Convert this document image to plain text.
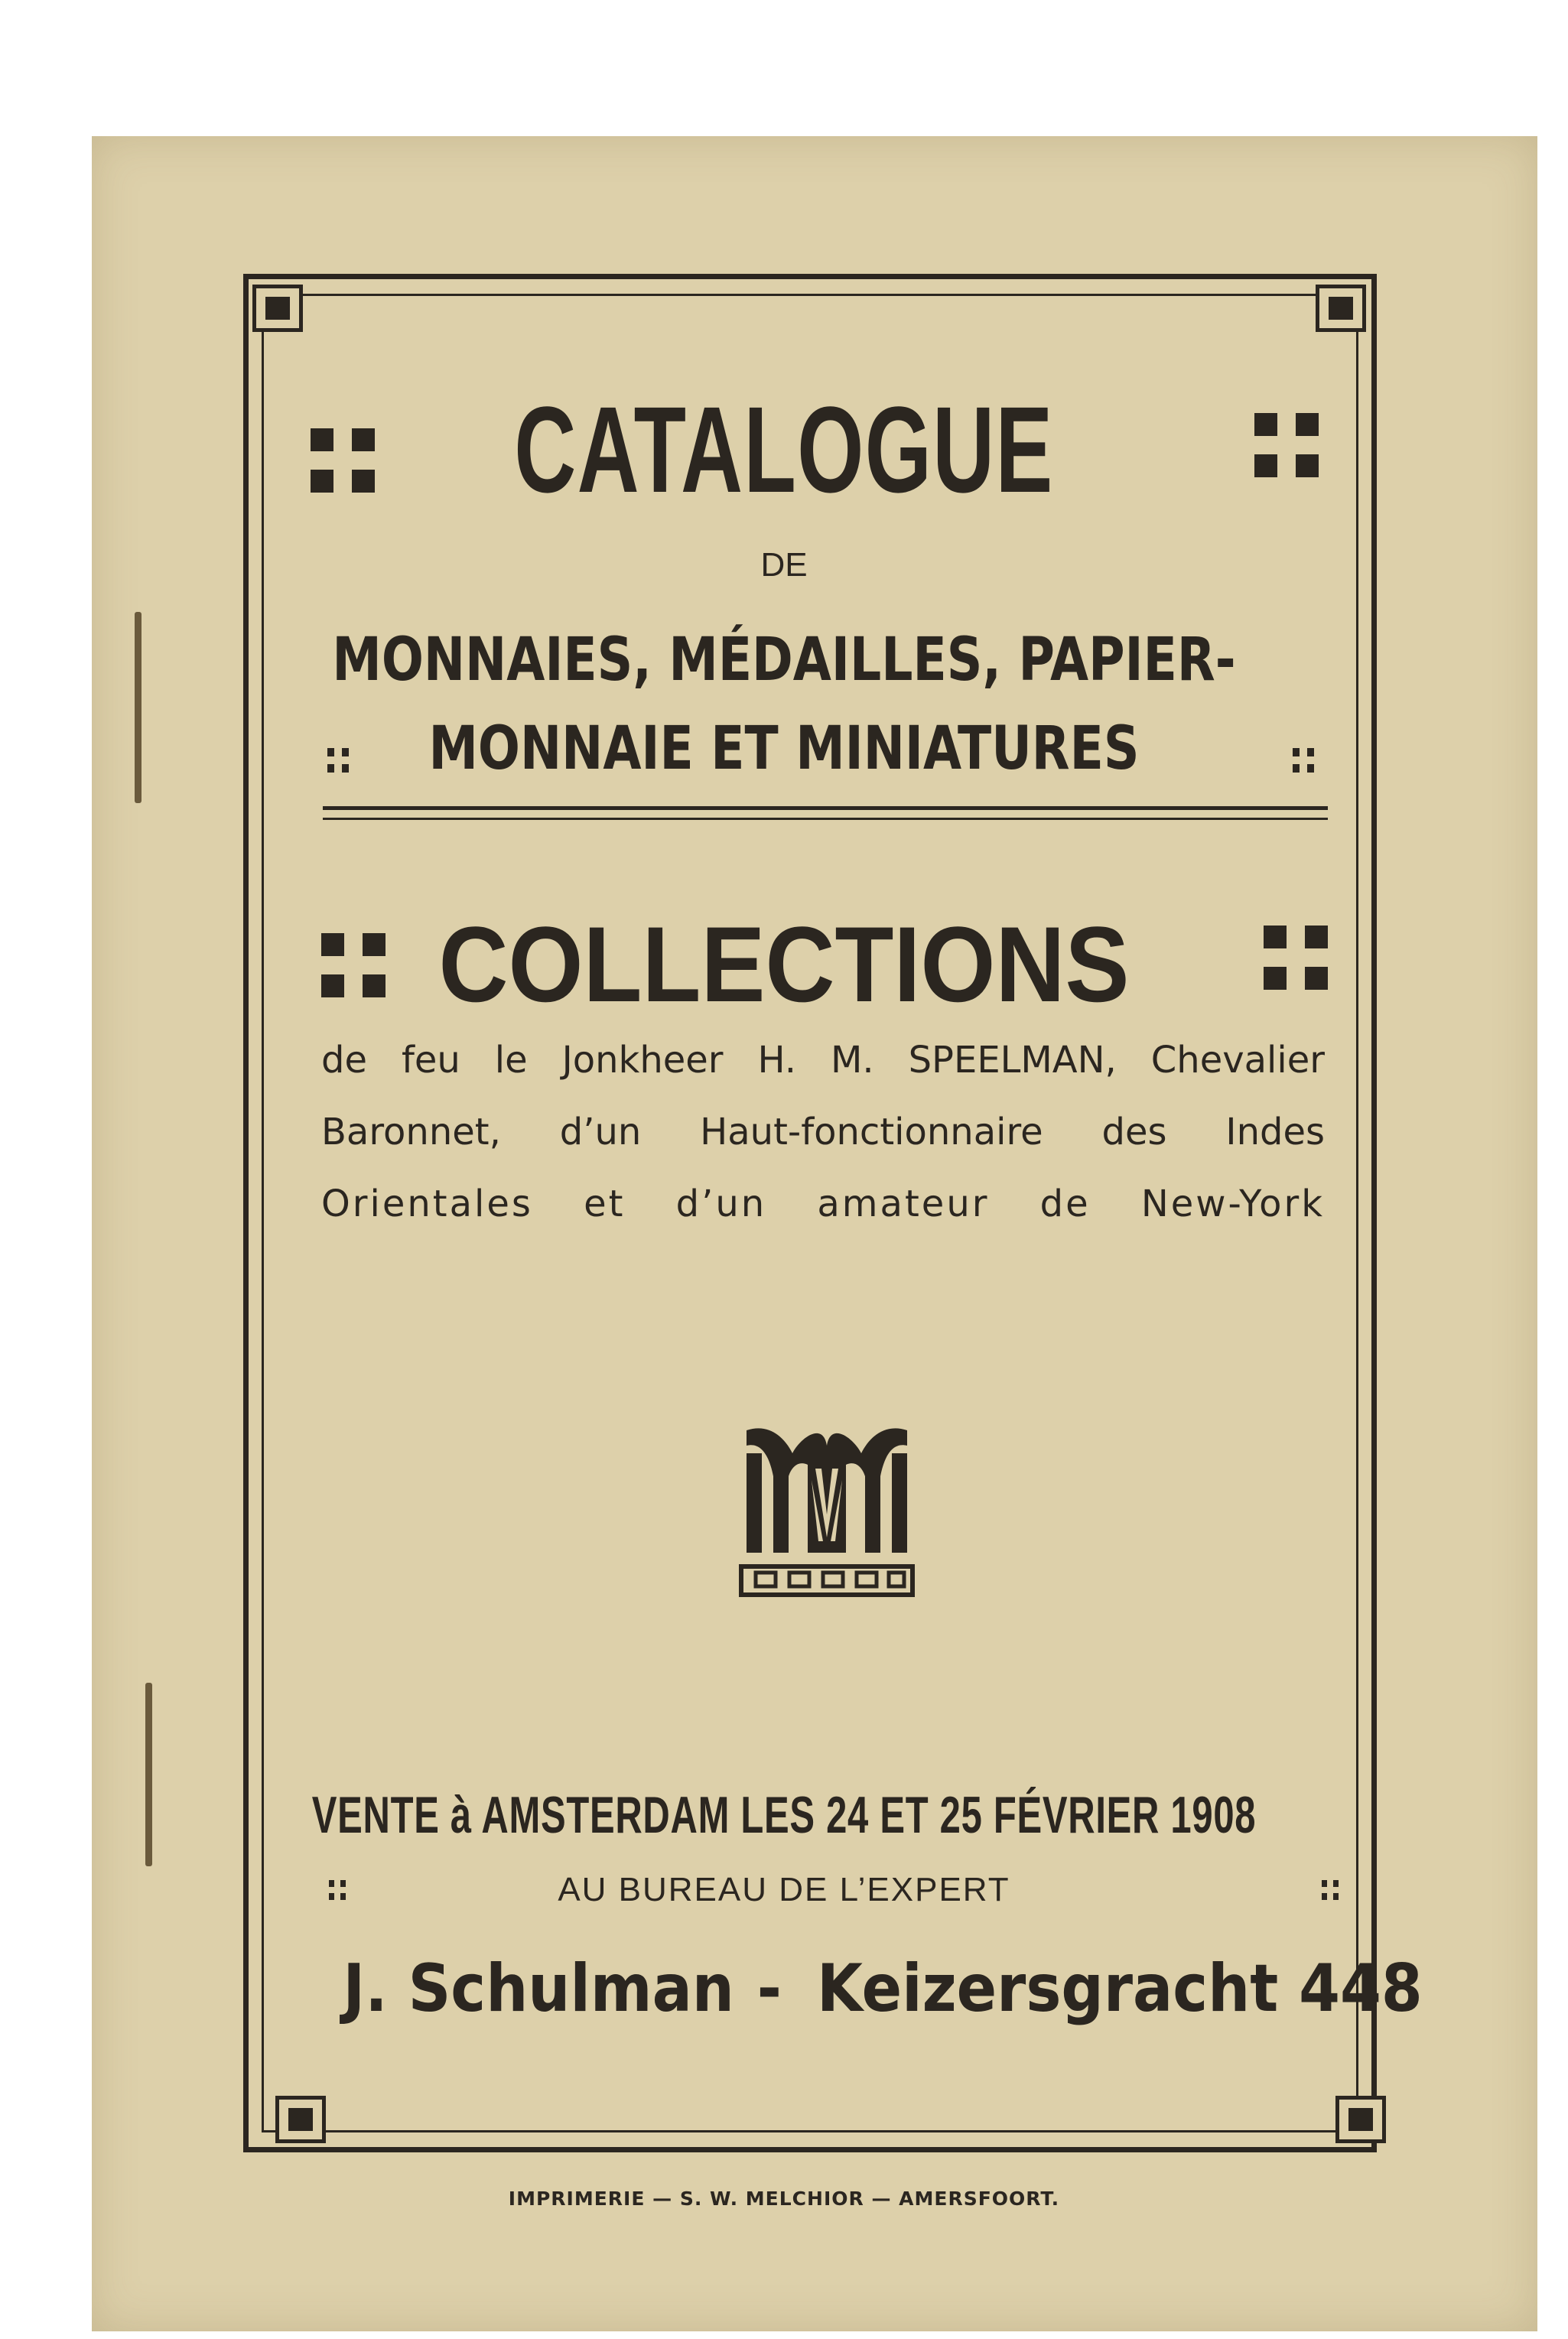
CATALOGUE

DE

MONNAIES, MÉDAILLES, PAPIER-

MONNAIE ET MINIATURES

COLLECTIONS

de feu le Jonkheer H. M. SPEELMAN, Chevalier

Baronnet, d’un Haut-fonctionnaire des Indes

Orientales et d’un amateur de New-York

VENTE à AMSTERDAM LES 24 ET 25 FÉVRIER 1908

AU BUREAU DE L’EXPERT

J. Schulman - Keizersgracht 448

IMPRIMERIE — S. W. MELCHIOR — AMERSFOORT.
